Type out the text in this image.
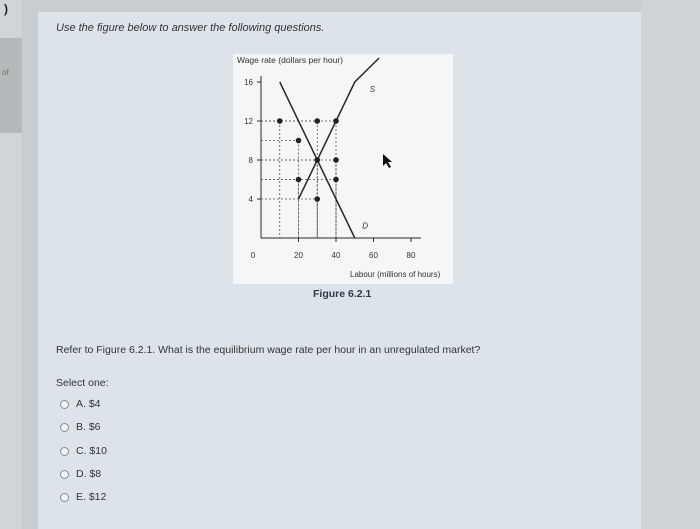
)
of
Use the figure below to answer the following questions.
Wage rate (dollars per hour)
Labour (millions of hours)
4
8
12
16
0	20	40	60	80
S
D
Figure 6.2.1
Refer to Figure 6.2.1. What is the equilibrium wage rate per hour in an unregulated market?
Select one:
A. $4
B. $6
C. $10
D. $8
E. $12
